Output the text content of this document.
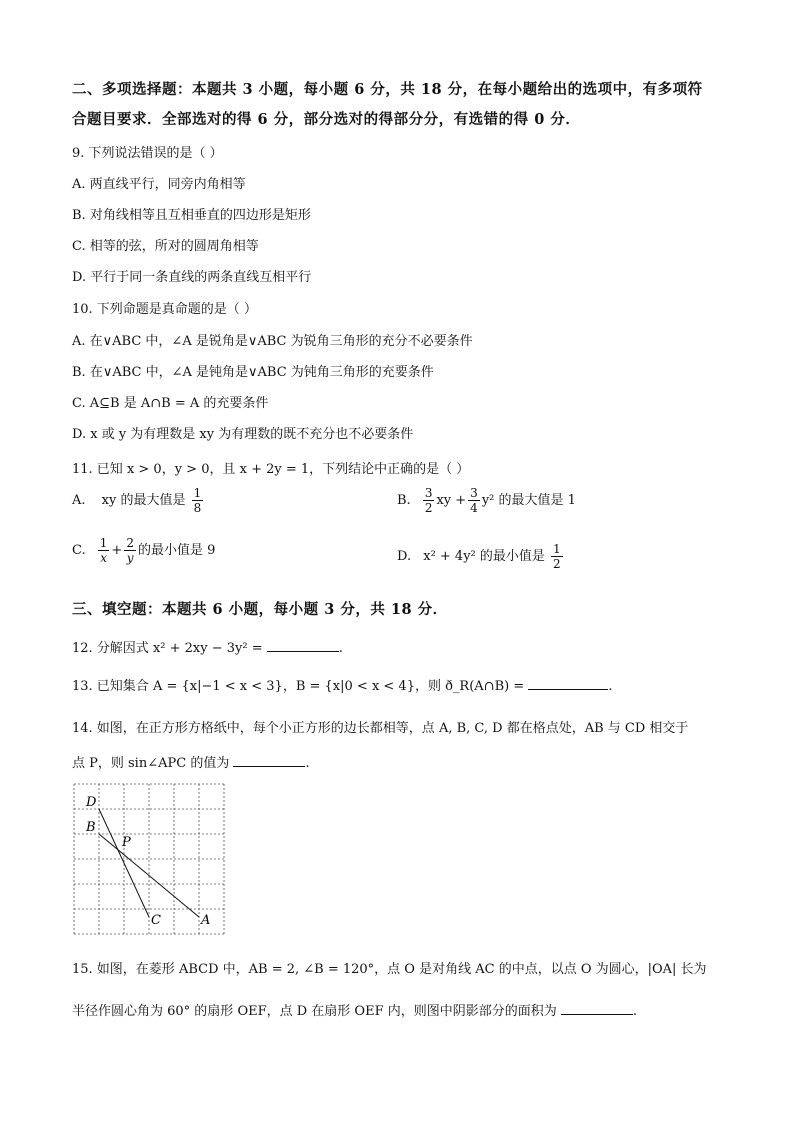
二、多项选择题：本题共 3 小题，每小题 6 分，共 18 分，在每小题给出的选项中，有多项符
合题目要求．全部选对的得 6 分，部分选对的得部分分，有选错的得 0 分．
9. 下列说法错误的是（ ）
A. 两直线平行，同旁内角相等
B. 对角线相等且互相垂直的四边形是矩形
C. 相等的弦，所对的圆周角相等
D. 平行于同一条直线的两条直线互相平行
10. 下列命题是真命题的是（ ）
A. 在∨ABC 中，∠A 是锐角是∨ABC 为锐角三角形的充分不必要条件
B. 在∨ABC 中，∠A 是钝角是∨ABC 为钝角三角形的充要条件
C. A⊆B 是 A∩B = A 的充要条件
D. x 或 y 为有理数是 xy 为有理数的既不充分也不必要条件
11. 已知 x > 0，y > 0，且 x + 2y = 1，下列结论中正确的是（ ）
A. xy 的最大值是 $\frac{1}{8}$	B. $\frac{3}{2}$ xy + $\frac{3}{4} y^2$ 的最大值是 1
C. $\frac{1}{x} + \frac{2}{y}$ 的最小值是 9	D. x² + 4y² 的最小值是 $\frac{1}{2}$
三、填空题：本题共 6 小题，每小题 3 分，共 18 分．
12. 分解因式 x² + 2xy − 3y² =	.
13. 已知集合 A = {x|−1 < x < 3}，B = {x|0 < x < 4}，则 ð_R(A∩B) =	.
14. 如图，在正方形方格纸中，每个小正方形的边长都相等，点 A, B, C, D 都在格点处，AB 与 CD 相交于
点 P，则 sin∠APC 的值为	.
D
B
P
C	A
15. 如图，在菱形 ABCD 中，AB = 2, ∠B = 120°，点 O 是对角线 AC 的中点，以点 O 为圆心，|OA| 长为
半径作圆心角为 60° 的扇形 OEF，点 D 在扇形 OEF 内，则图中阴影部分的面积为	.
